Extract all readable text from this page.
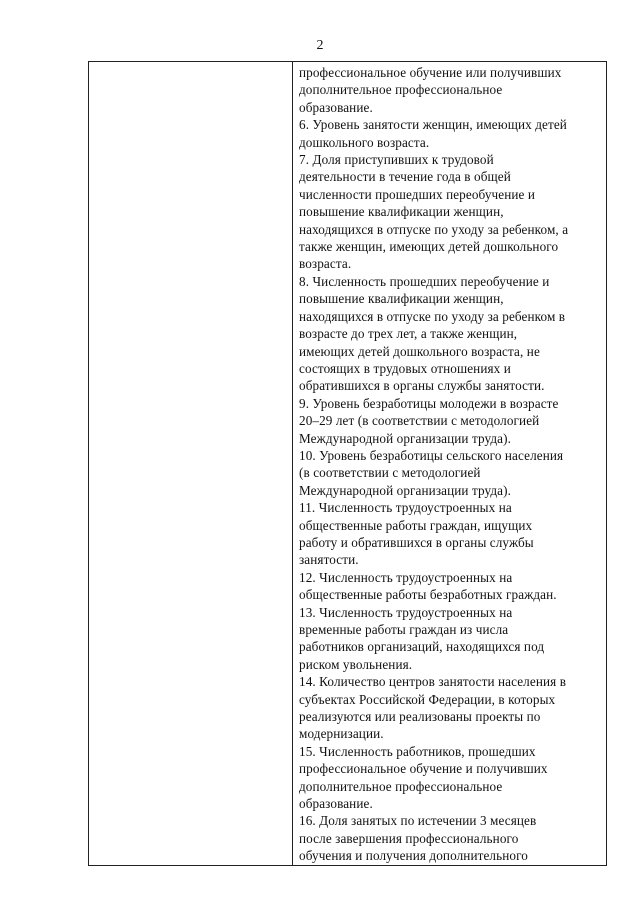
2

профессиональное обучение или получивших
дополнительное профессиональное
образование.
6. Уровень занятости женщин, имеющих детей
дошкольного возраста.
7. Доля приступивших к трудовой
деятельности в течение года в общей
численности прошедших переобучение и
повышение квалификации женщин,
находящихся в отпуске по уходу за ребенком, а
также женщин, имеющих детей дошкольного
возраста.
8. Численность прошедших переобучение и
повышение квалификации женщин,
находящихся в отпуске по уходу за ребенком в
возрасте до трех лет, а также женщин,
имеющих детей дошкольного возраста, не
состоящих в трудовых отношениях и
обратившихся в органы службы занятости.
9. Уровень безработицы молодежи в возрасте
20–29 лет (в соответствии с методологией
Международной организации труда).
10. Уровень безработицы сельского населения
(в соответствии с методологией
Международной организации труда).
11. Численность трудоустроенных на
общественные работы граждан, ищущих
работу и обратившихся в органы службы
занятости.
12. Численность трудоустроенных на
общественные работы безработных граждан.
13. Численность трудоустроенных на
временные работы граждан из числа
работников организаций, находящихся под
риском увольнения.
14. Количество центров занятости населения в
субъектах Российской Федерации, в которых
реализуются или реализованы проекты по
модернизации.
15. Численность работников, прошедших
профессиональное обучение и получивших
дополнительное профессиональное
образование.
16. Доля занятых по истечении 3 месяцев
после завершения профессионального
обучения и получения дополнительного
